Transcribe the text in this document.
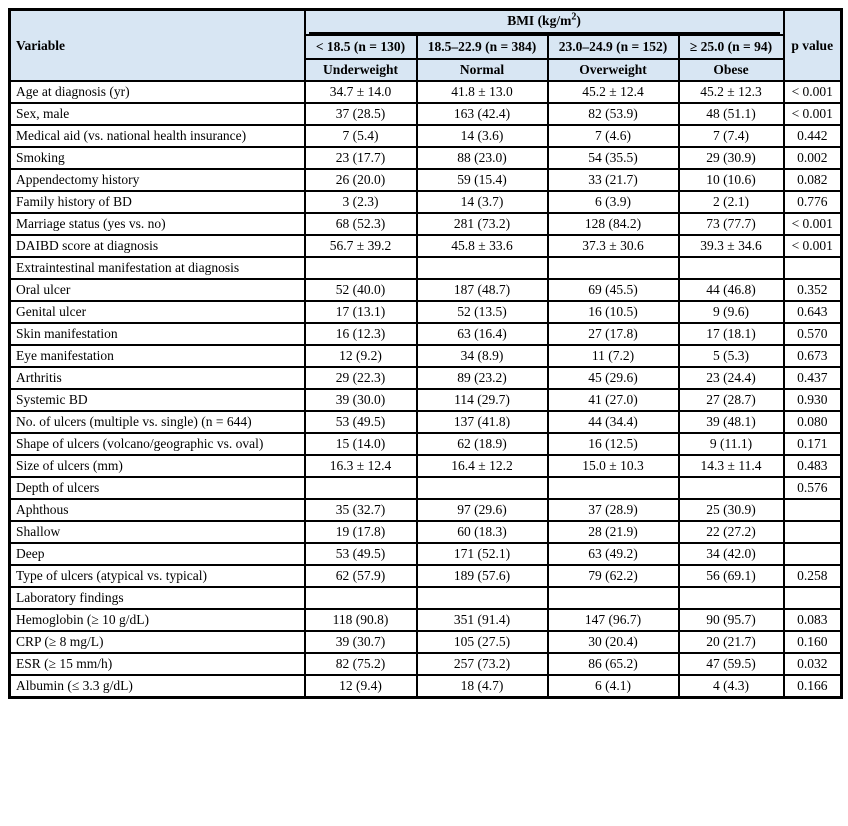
Variable	BMI $(kg/m^2)$				p value
	< 18.5 (n = 130)	18.5–22.9 (n = 384)	23.0–24.9 (n = 152)	≥ 25.0 (n = 94)	
	Underweight	Normal	Overweight	Obese	
Age at diagnosis (yr)	34.7 ± 14.0	41.8 ± 13.0	45.2 ± 12.4	45.2 ± 12.3	< 0.001
Sex, male	37 (28.5)	163 (42.4)	82 (53.9)	48 (51.1)	< 0.001
Medical aid (vs. national health insurance)	7 (5.4)	14 (3.6)	7 (4.6)	7 (7.4)	0.442
Smoking	23 (17.7)	88 (23.0)	54 (35.5)	29 (30.9)	0.002
Appendectomy history	26 (20.0)	59 (15.4)	33 (21.7)	10 (10.6)	0.082
Family history of BD	3 (2.3)	14 (3.7)	6 (3.9)	2 (2.1)	0.776
Marriage status (yes vs. no)	68 (52.3)	281 (73.2)	128 (84.2)	73 (77.7)	< 0.001
DAIBD score at diagnosis	56.7 ± 39.2	45.8 ± 33.6	37.3 ± 30.6	39.3 ± 34.6	< 0.001
Extraintestinal manifestation at diagnosis					
Oral ulcer	52 (40.0)	187 (48.7)	69 (45.5)	44 (46.8)	0.352
Genital ulcer	17 (13.1)	52 (13.5)	16 (10.5)	9 (9.6)	0.643
Skin manifestation	16 (12.3)	63 (16.4)	27 (17.8)	17 (18.1)	0.570
Eye manifestation	12 (9.2)	34 (8.9)	11 (7.2)	5 (5.3)	0.673
Arthritis	29 (22.3)	89 (23.2)	45 (29.6)	23 (24.4)	0.437
Systemic BD	39 (30.0)	114 (29.7)	41 (27.0)	27 (28.7)	0.930
No. of ulcers (multiple vs. single) (n = 644)	53 (49.5)	137 (41.8)	44 (34.4)	39 (48.1)	0.080
Shape of ulcers (volcano/geographic vs. oval)	15 (14.0)	62 (18.9)	16 (12.5)	9 (11.1)	0.171
Size of ulcers (mm)	16.3 ± 12.4	16.4 ± 12.2	15.0 ± 10.3	14.3 ± 11.4	0.483
Depth of ulcers					0.576
Aphthous	35 (32.7)	97 (29.6)	37 (28.9)	25 (30.9)	
Shallow	19 (17.8)	60 (18.3)	28 (21.9)	22 (27.2)	
Deep	53 (49.5)	171 (52.1)	63 (49.2)	34 (42.0)	
Type of ulcers (atypical vs. typical)	62 (57.9)	189 (57.6)	79 (62.2)	56 (69.1)	0.258
Laboratory findings					
Hemoglobin (≥ 10 g/dL)	118 (90.8)	351 (91.4)	147 (96.7)	90 (95.7)	0.083
CRP (≥ 8 mg/L)	39 (30.7)	105 (27.5)	30 (20.4)	20 (21.7)	0.160
ESR (≥ 15 mm/h)	82 (75.2)	257 (73.2)	86 (65.2)	47 (59.5)	0.032
Albumin (≤ 3.3 g/dL)	12 (9.4)	18 (4.7)	6 (4.1)	4 (4.3)	0.166
